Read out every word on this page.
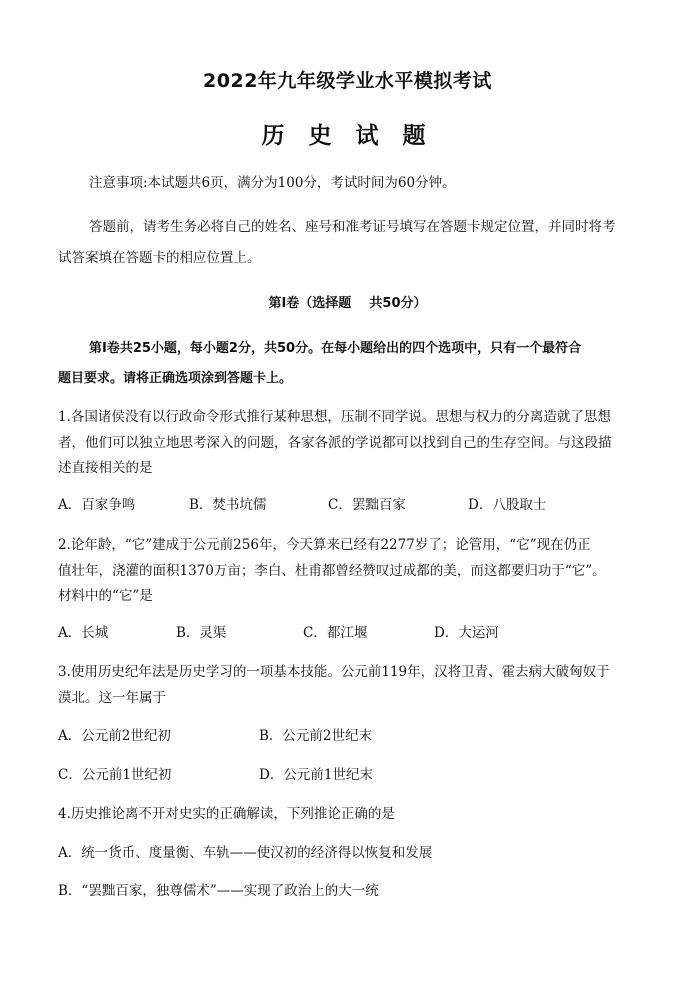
2022年九年级学业水平模拟考试
历 史 试 题
注意事项:本试题共6页，满分为100分，考试时间为60分钟。
答题前，请考生务必将自己的姓名、座号和准考证号填写在答题卡规定位置，并同时将考
试答案填在答题卡的相应位置上。
第Ⅰ卷（选择题    共50分）
第Ⅰ卷共25小题，每小题2分，共50分。在每小题给出的四个选项中，只有一个最符合
题目要求。请将正确选项涂到答题卡上。
1.各国诸侯没有以行政命令形式推行某种思想，压制不同学说。思想与权力的分离造就了思想
者，他们可以独立地思考深入的问题，各家各派的学说都可以找到自己的生存空间。与这段描
述直接相关的是
A．百家争鸣	B．焚书坑儒	C．罢黜百家	D．八股取士
2.论年龄，“它”建成于公元前256年，今天算来已经有2277岁了；论管用，“它”现在仍正
值壮年，浇灌的面积1370万亩；李白、杜甫都曾经赞叹过成都的美，而这都要归功于“它”。
材料中的“它”是
A．长城	B．灵渠	C．都江堰	D．大运河
3.使用历史纪年法是历史学习的一项基本技能。公元前119年，汉将卫青、霍去病大破匈奴于
漠北。这一年属于
A．公元前2世纪初	B．公元前2世纪末
C．公元前1世纪初	D．公元前1世纪末
4.历史推论离不开对史实的正确解读，下列推论正确的是
A．统一货币、度量衡、车轨——使汉初的经济得以恢复和发展
B．“罢黜百家，独尊儒术”——实现了政治上的大一统
